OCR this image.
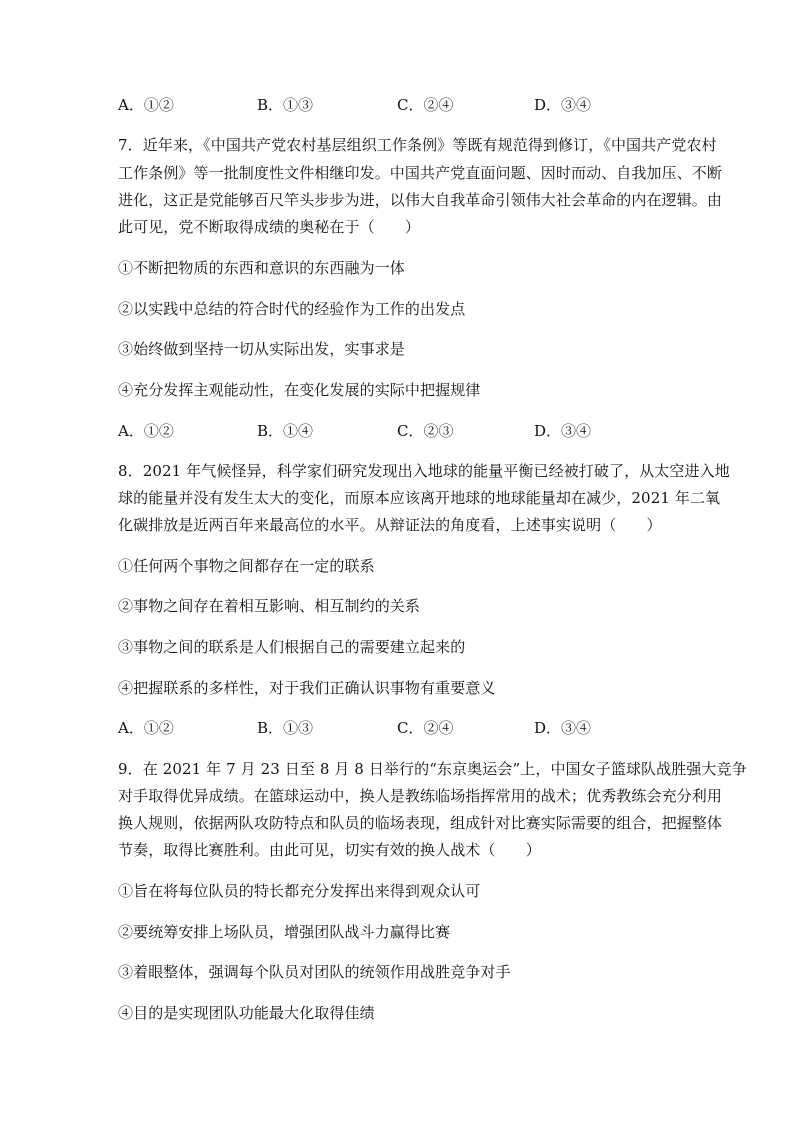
A．①②	B．①③	C．②④	D．③④
7．近年来，《中国共产党农村基层组织工作条例》等既有规范得到修订，《中国共产党农村
工作条例》等一批制度性文件相继印发。中国共产党直面问题、因时而动、自我加压、不断
进化，这正是党能够百尺竿头步步为进，以伟大自我革命引领伟大社会革命的内在逻辑。由
此可见，党不断取得成绩的奥秘在于（　　）
①不断把物质的东西和意识的东西融为一体
②以实践中总结的符合时代的经验作为工作的出发点
③始终做到坚持一切从实际出发，实事求是
④充分发挥主观能动性，在变化发展的实际中把握规律
A．①②	B．①④	C．②③	D．③④
8．2021 年气候怪异，科学家们研究发现出入地球的能量平衡已经被打破了，从太空进入地
球的能量并没有发生太大的变化，而原本应该离开地球的地球能量却在减少，2021 年二氧
化碳排放是近两百年来最高位的水平。从辩证法的角度看，上述事实说明（　　）
①任何两个事物之间都存在一定的联系
②事物之间存在着相互影响、相互制约的关系
③事物之间的联系是人们根据自己的需要建立起来的
④把握联系的多样性，对于我们正确认识事物有重要意义
A．①②	B．①③	C．②④	D．③④
9．在 2021 年 7 月 23 日至 8 月 8 日举行的“东京奥运会”上，中国女子篮球队战胜强大竞争
对手取得优异成绩。在篮球运动中，换人是教练临场指挥常用的战术；优秀教练会充分利用
换人规则，依据两队攻防特点和队员的临场表现，组成针对比赛实际需要的组合，把握整体
节奏，取得比赛胜利。由此可见，切实有效的换人战术（　　）
①旨在将每位队员的特长都充分发挥出来得到观众认可
②要统筹安排上场队员，增强团队战斗力赢得比赛
③着眼整体，强调每个队员对团队的统领作用战胜竞争对手
④目的是实现团队功能最大化取得佳绩
